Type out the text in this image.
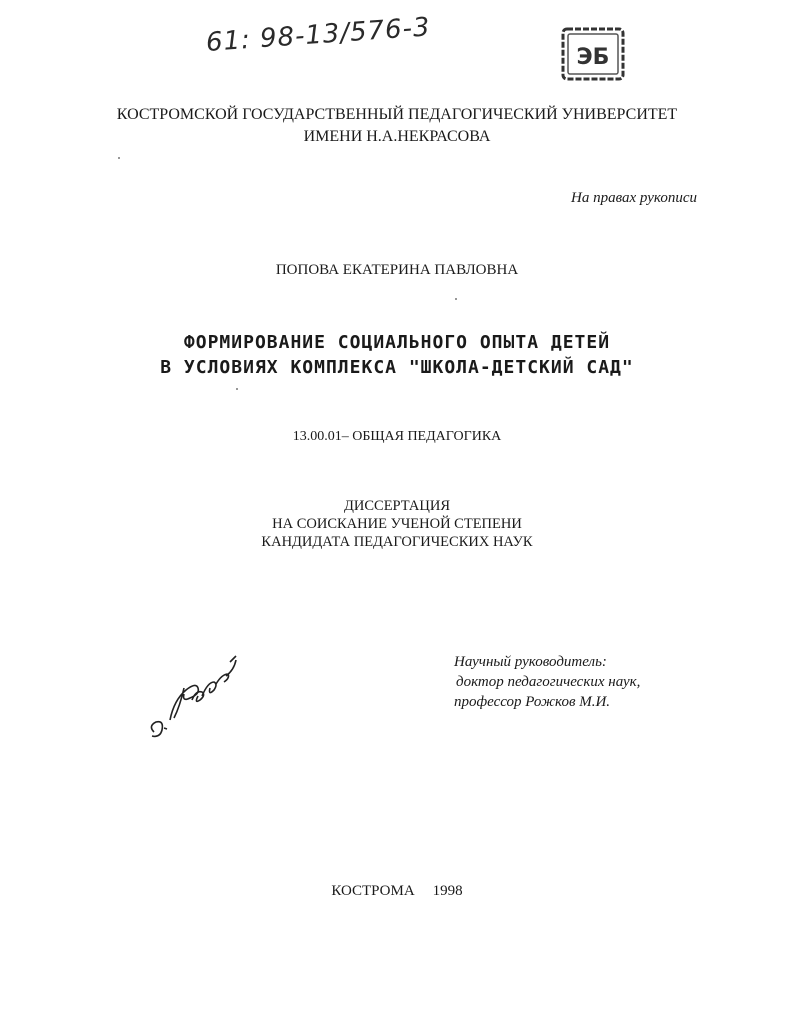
61: 98-13/576-3	ЭБ
КОСТРОМСКОЙ ГОСУДАРСТВЕННЫЙ ПЕДАГОГИЧЕСКИЙ УНИВЕРСИТЕТ
ИМЕНИ Н.А.НЕКРАСОВА
На правах рукописи
ПОПОВА ЕКАТЕРИНА ПАВЛОВНА
ФОРМИРОВАНИЕ СОЦИАЛЬНОГО ОПЫТА ДЕТЕЙ
В УСЛОВИЯХ КОМПЛЕКСА "ШКОЛА-ДЕТСКИЙ САД"
13.00.01– ОБЩАЯ ПЕДАГОГИКА
ДИССЕРТАЦИЯ
НА СОИСКАНИЕ УЧЕНОЙ СТЕПЕНИ
КАНДИДАТА ПЕДАГОГИЧЕСКИХ НАУК
Научный руководитель:
доктор педагогических наук,
профессор Рожков М.И.
КОСТРОМА 1998
